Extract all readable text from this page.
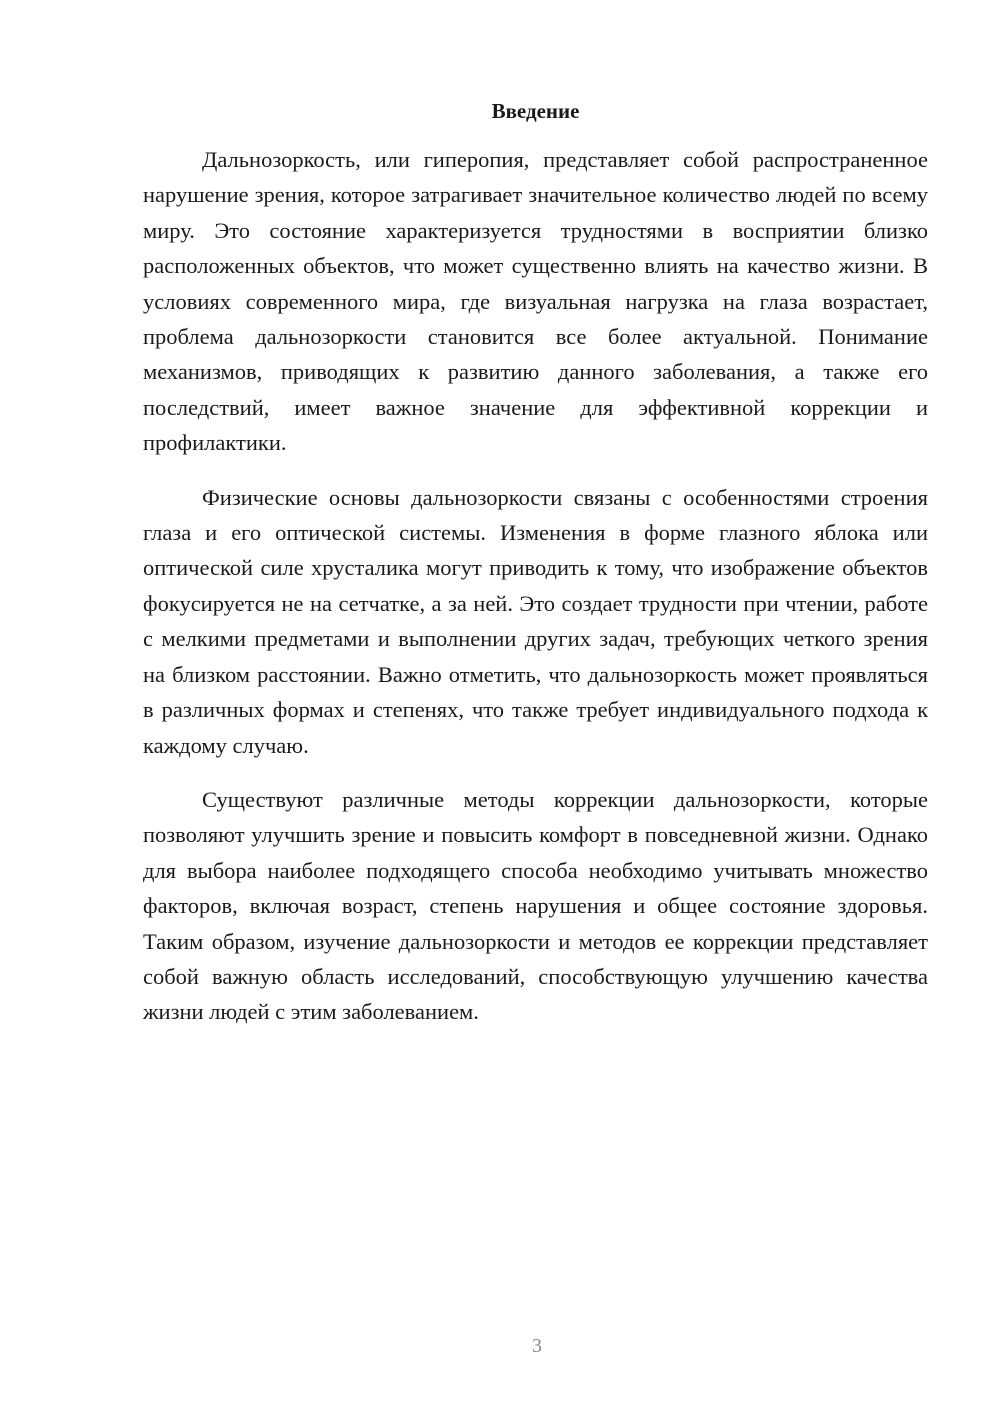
Введение

Дальнозоркость, или гиперопия, представляет собой распространенное нарушение зрения, которое затрагивает значительное количество людей по всему миру. Это состояние характеризуется трудностями в восприятии близко расположенных объектов, что может существенно влиять на качество жизни. В условиях современного мира, где визуальная нагрузка на глаза возрастает, проблема дальнозоркости становится все более актуальной. Понимание механизмов, приводящих к развитию данного заболевания, а также его последствий, имеет важное значение для эффективной коррекции и профилактики.

Физические основы дальнозоркости связаны с особенностями строения глаза и его оптической системы. Изменения в форме глазного яблока или оптической силе хрусталика могут приводить к тому, что изображение объектов фокусируется не на сетчатке, а за ней. Это создает трудности при чтении, работе с мелкими предметами и выполнении других задач, требующих четкого зрения на близком расстоянии. Важно отметить, что дальнозоркость может проявляться в различных формах и степенях, что также требует индивидуального подхода к каждому случаю.

Существуют различные методы коррекции дальнозоркости, которые позволяют улучшить зрение и повысить комфорт в повседневной жизни. Однако для выбора наиболее подходящего способа необходимо учитывать множество факторов, включая возраст, степень нарушения и общее состояние здоровья. Таким образом, изучение дальнозоркости и методов ее коррекции представляет собой важную область исследований, способствующую улучшению качества жизни людей с этим заболеванием.

3
